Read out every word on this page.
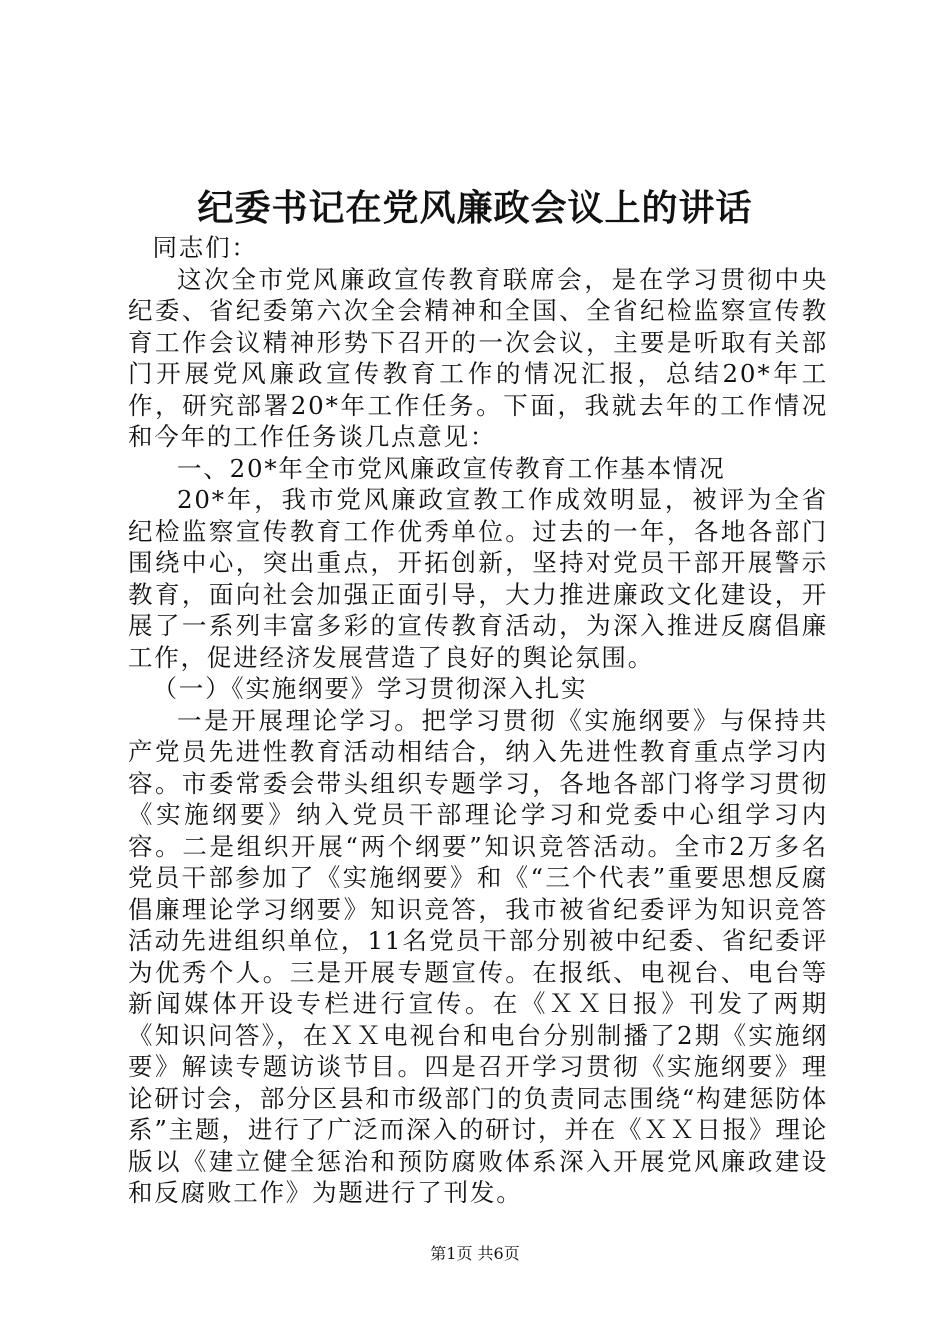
纪委书记在党风廉政会议上的讲话

同志们：

这次全市党风廉政宣传教育联席会，是在学习贯彻中央纪委、省纪委第六次全会精神和全国、全省纪检监察宣传教育工作会议精神形势下召开的一次会议，主要是听取有关部门开展党风廉政宣传教育工作的情况汇报，总结20*年工作，研究部署20*年工作任务。下面，我就去年的工作情况和今年的工作任务谈几点意见：

一、20*年全市党风廉政宣传教育工作基本情况

20*年，我市党风廉政宣教工作成效明显，被评为全省纪检监察宣传教育工作优秀单位。过去的一年，各地各部门围绕中心，突出重点，开拓创新，坚持对党员干部开展警示教育，面向社会加强正面引导，大力推进廉政文化建设，开展了一系列丰富多彩的宣传教育活动，为深入推进反腐倡廉工作，促进经济发展营造了良好的舆论氛围。

（一）《实施纲要》学习贯彻深入扎实

一是开展理论学习。把学习贯彻《实施纲要》与保持共产党员先进性教育活动相结合，纳入先进性教育重点学习内容。市委常委会带头组织专题学习，各地各部门将学习贯彻《实施纲要》纳入党员干部理论学习和党委中心组学习内容。二是组织开展“两个纲要”知识竞答活动。全市2万多名党员干部参加了《实施纲要》和《“三个代表”重要思想反腐倡廉理论学习纲要》知识竞答，我市被省纪委评为知识竞答活动先进组织单位，11名党员干部分别被中纪委、省纪委评为优秀个人。三是开展专题宣传。在报纸、电视台、电台等新闻媒体开设专栏进行宣传。在《ＸＸ日报》刊发了两期《知识问答》，在ＸＸ电视台和电台分别制播了2期《实施纲要》解读专题访谈节目。四是召开学习贯彻《实施纲要》理论研讨会，部分区县和市级部门的负责同志围绕“构建惩防体系”主题，进行了广泛而深入的研讨，并在《ＸＸ日报》理论版以《建立健全惩治和预防腐败体系深入开展党风廉政建设和反腐败工作》为题进行了刊发。

第1页 共6页
